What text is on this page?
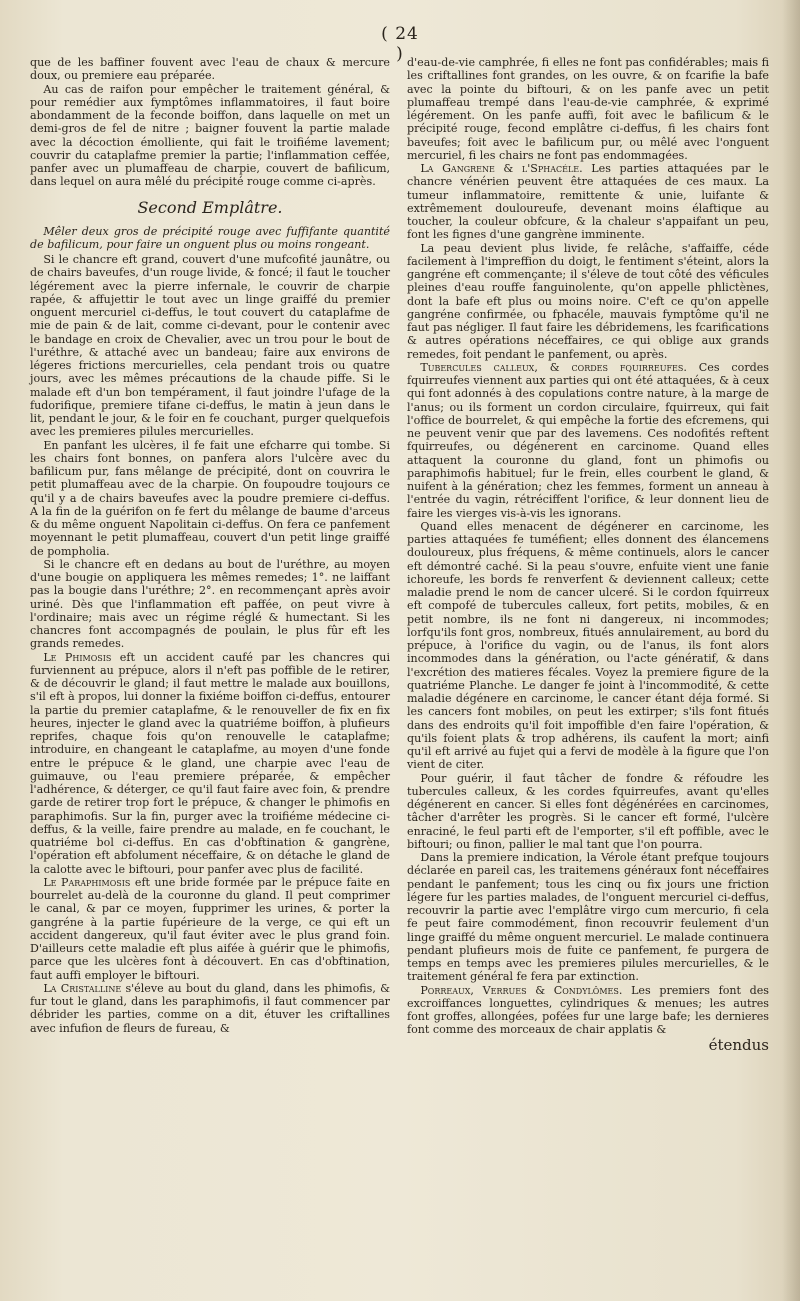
( 24 )

que de les baffiner fouvent avec l'eau de chaux & mercure doux, ou premiere eau préparée.

Au cas de raifon pour empêcher le traitement général, & pour remédier aux fymptômes inflammatoires, il faut boire abondamment de la feconde boiffon, dans laquelle on met un demi-gros de fel de nitre ; baigner fouvent la partie malade avec la décoction émolliente, qui fait le troifiéme lavement; couvrir du cataplafme premier la partie; l'inflammation ceffée, panfer avec un plumaffeau de charpie, couvert de bafilicum, dans lequel on aura mêlé du précipité rouge comme ci-après.

Second Emplâtre.

Mêler deux gros de précipité rouge avec fuffifante quantité de bafilicum, pour faire un onguent plus ou moins rongeant.

Si le chancre eft grand, couvert d'une mufcofité jaunâtre, ou de chairs baveufes, d'un rouge livide, & foncé; il faut le toucher légérement avec la pierre infernale, le couvrir de charpie rapée, & affujettir le tout avec un linge graiffé du premier onguent mercuriel ci-deffus, le tout couvert du cataplafme de mie de pain & de lait, comme ci-devant, pour le contenir avec le bandage en croix de Chevalier, avec un trou pour le bout de l'uréthre, & attaché avec un bandeau; faire aux environs de légeres frictions mercurielles, cela pendant trois ou quatre jours, avec les mêmes précautions de la chaude piffe. Si le malade eft d'un bon tempérament, il faut joindre l'ufage de la fudorifique, premiere tifane ci-deffus, le matin à jeun dans le lit, pendant le jour, & le foir en fe couchant, purger quelquefois avec les premieres pilules mercurielles.

En panfant les ulcères, il fe fait une efcharre qui tombe. Si les chairs font bonnes, on panfera alors l'ulcère avec du bafilicum pur, fans mêlange de précipité, dont on couvrira le petit plumaffeau avec de la charpie. On foupoudre toujours ce qu'il y a de chairs baveufes avec la poudre premiere ci-deffus. A la fin de la guérifon on fe fert du mêlange de baume d'arceus & du même onguent Napolitain ci-deffus. On fera ce panfement moyennant le petit plumaffeau, couvert d'un petit linge graiffé de pompholia.

Si le chancre eft en dedans au bout de l'uréthre, au moyen d'une bougie on appliquera les mêmes remedes; 1°. ne laiffant pas la bougie dans l'uréthre; 2°. en recommençant après avoir uriné. Dès que l'inflammation eft paffée, on peut vivre à l'ordinaire; mais avec un régime réglé & humectant. Si les chancres font accompagnés de poulain, le plus fûr eft les grands remedes.

Le Phimosis eft un accident caufé par les chancres qui furviennent au prépuce, alors il n'eft pas poffible de le retirer, & de découvrir le gland; il faut mettre le malade aux bouillons, s'il eft à propos, lui donner la fixiéme boiffon ci-deffus, entourer la partie du premier cataplafme, & le renouveller de fix en fix heures, injecter le gland avec la quatriéme boiffon, à plufieurs reprifes, chaque fois qu'on renouvelle le cataplafme; introduire, en changeant le cataplafme, au moyen d'une fonde entre le prépuce & le gland, une charpie avec l'eau de guimauve, ou l'eau premiere préparée, & empêcher l'adhérence, & déterger, ce qu'il faut faire avec foin, & prendre garde de retirer trop fort le prépuce, & changer le phimofis en paraphimofis. Sur la fin, purger avec la troifiéme médecine ci-deffus, & la veille, faire prendre au malade, en fe couchant, le quatriéme bol ci-deffus. En cas d'obftination & gangrène, l'opération eft abfolument néceffaire, & on détache le gland de la calotte avec le biftouri, pour panfer avec plus de facilité.

Le Paraphimosis eft une bride formée par le prépuce faite en bourrelet au-delà de la couronne du gland. Il peut comprimer le canal, & par ce moyen, fupprimer les urines, & porter la gangréne à la partie fupérieure de la verge, ce qui eft un accident dangereux, qu'il faut éviter avec le plus grand foin. D'ailleurs cette maladie eft plus aifée à guérir que le phimofis, parce que les ulcères font à découvert. En cas d'obftination, faut auffi employer le biftouri.

La Cristalline s'éleve au bout du gland, dans les phimofis, & fur tout le gland, dans les paraphimofis, il faut commencer par débrider les parties, comme on a dit, étuver les criftallines avec infufion de fleurs de fureau, &

d'eau-de-vie camphrée, fi elles ne font pas confidérables; mais fi les criftallines font grandes, on les ouvre, & on fcarifie la bafe avec la pointe du biftouri, & on les panfe avec un petit plumaffeau trempé dans l'eau-de-vie camphrée, & exprimé légérement. On les panfe auffi, foit avec le bafilicum & le précipité rouge, fecond emplâtre ci-deffus, fi les chairs font baveufes; foit avec le bafilicum pur, ou mêlé avec l'onguent mercuriel, fi les chairs ne font pas endommagées.

La Gangrene & l'Sphacéle. Les parties attaquées par le chancre vénérien peuvent être attaquées de ces maux. La tumeur inflammatoire, remittente & unie, luifante & extrêmement douloureufe, devenant moins élaftique au toucher, la couleur obfcure, & la chaleur s'appaifant un peu, font les fignes d'une gangrène imminente.

La peau devient plus livide, fe relâche, s'affaiffe, céde facilement à l'impreffion du doigt, le fentiment s'éteint, alors la gangréne eft commençante; il s'éleve de tout côté des véficules pleines d'eau rouffe fanguinolente, qu'on appelle phlictènes, dont la bafe eft plus ou moins noire. C'eft ce qu'on appelle gangréne confirmée, ou fphacéle, mauvais fymptôme qu'il ne faut pas négliger. Il faut faire les débridemens, les fcarifications & autres opérations néceffaires, ce qui oblige aux grands remedes, foit pendant le panfement, ou après.

Tubercules calleux, & cordes fquirreufes. Ces cordes fquirreufes viennent aux parties qui ont été attaquées, & à ceux qui font adonnés à des copulations contre nature, à la marge de l'anus; ou ils forment un cordon circulaire, fquirreux, qui fait l'office de bourrelet, & qui empêche la fortie des efcremens, qui ne peuvent venir que par des lavemens. Ces nodofités reftent fquirreufes, ou dégénerent en carcinome. Quand elles attaquent la couronne du gland, font un phimofis ou paraphimofis habituel; fur le frein, elles courbent le gland, & nuifent à la génération; chez les femmes, forment un anneau à l'entrée du vagin, rétréciffent l'orifice, & leur donnent lieu de faire les vierges vis-à-vis les ignorans.

Quand elles menacent de dégénerer en carcinome, les parties attaquées fe tuméfient; elles donnent des élancemens douloureux, plus fréquens, & même continuels, alors le cancer eft démontré caché. Si la peau s'ouvre, enfuite vient une fanie ichoreufe, les bords fe renverfent & deviennent calleux; cette maladie prend le nom de cancer ulceré. Si le cordon fquirreux eft compofé de tubercules calleux, fort petits, mobiles, & en petit nombre, ils ne font ni dangereux, ni incommodes; lorfqu'ils font gros, nombreux, fitués annulairement, au bord du prépuce, à l'orifice du vagin, ou de l'anus, ils font alors incommodes dans la génération, ou l'acte génératif, & dans l'excrétion des matieres fécales. Voyez la premiere figure de la quatriéme Planche. Le danger fe joint à l'incommodité, & cette maladie dégénere en carcinome, le cancer étant déja formé. Si les cancers font mobiles, on peut les extirper; s'ils font fitués dans des endroits qu'il foit impoffible d'en faire l'opération, & qu'ils foient plats & trop adhérens, ils caufent la mort; ainfi qu'il eft arrivé au fujet qui a fervi de modèle à la figure que l'on vient de citer.

Pour guérir, il faut tâcher de fondre & réfoudre les tubercules calleux, & les cordes fquirreufes, avant qu'elles dégénerent en cancer. Si elles font dégénérées en carcinomes, tâcher d'arrêter les progrès. Si le cancer eft formé, l'ulcère enraciné, le feul parti eft de l'emporter, s'il eft poffible, avec le biftouri; ou finon, pallier le mal tant que l'on pourra.

Dans la premiere indication, la Vérole étant prefque toujours déclarée en pareil cas, les traitemens généraux font néceffaires pendant le panfement; tous les cinq ou fix jours une friction légere fur les parties malades, de l'onguent mercuriel ci-deffus, recouvrir la partie avec l'emplâtre virgo cum mercurio, fi cela fe peut faire commodément, finon recouvrir feulement d'un linge graiffé du même onguent mercuriel. Le malade continuera pendant plufieurs mois de fuite ce panfement, fe purgera de temps en temps avec les premieres pilules mercurielles, & le traitement général fe fera par extinction.

Porreaux, Verrues & Condylômes. Les premiers font des excroiffances longuettes, cylindriques & menues; les autres font groffes, allongées, pofées fur une large bafe; les dernieres font comme des morceaux de chair applatis &

étendus
